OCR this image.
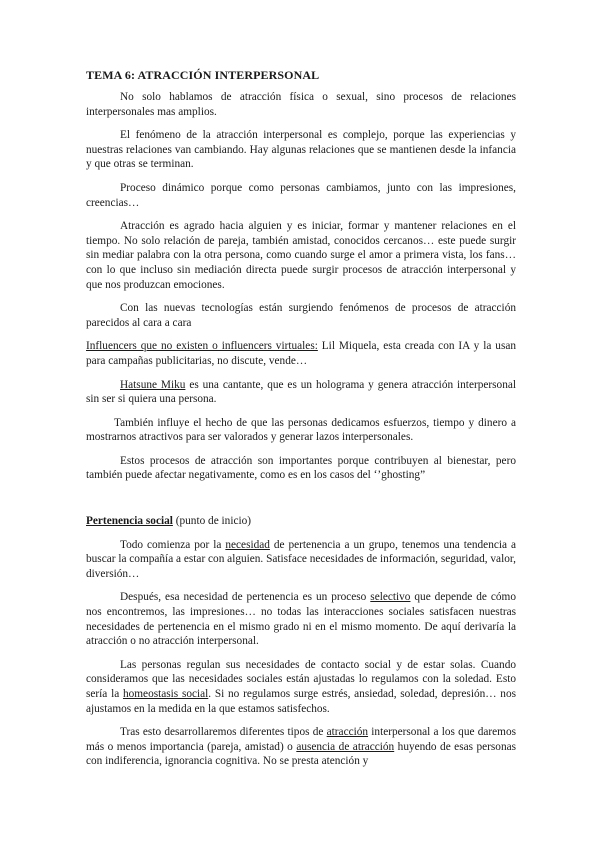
TEMA 6: ATRACCIÓN INTERPERSONAL

No solo hablamos de atracción física o sexual, sino procesos de relaciones interpersonales mas amplios.

El fenómeno de la atracción interpersonal es complejo, porque las experiencias y nuestras relaciones van cambiando. Hay algunas relaciones que se mantienen desde la infancia y que otras se terminan.

Proceso dinámico porque como personas cambiamos, junto con las impresiones, creencias…

Atracción es agrado hacia alguien y es iniciar, formar y mantener relaciones en el tiempo. No solo relación de pareja, también amistad, conocidos cercanos… este puede surgir sin mediar palabra con la otra persona, como cuando surge el amor a primera vista, los fans… con lo que incluso sin mediación directa puede surgir procesos de atracción interpersonal y que nos produzcan emociones.

Con las nuevas tecnologías están surgiendo fenómenos de procesos de atracción parecidos al cara a cara

Influencers que no existen o influencers virtuales: Lil Miquela, esta creada con IA y la usan para campañas publicitarias, no discute, vende…

Hatsune Miku es una cantante, que es un holograma y genera atracción interpersonal sin ser si quiera una persona.

También influye el hecho de que las personas dedicamos esfuerzos, tiempo y dinero a mostrarnos atractivos para ser valorados y generar lazos interpersonales.

Estos procesos de atracción son importantes porque contribuyen al bienestar, pero también puede afectar negativamente, como es en los casos del ‘’ghosting”

Pertenencia social (punto de inicio)

Todo comienza por la necesidad de pertenencia a un grupo, tenemos una tendencia a buscar la compañía a estar con alguien. Satisface necesidades de información, seguridad, valor, diversión…

Después, esa necesidad de pertenencia es un proceso selectivo que depende de cómo nos encontremos, las impresiones… no todas las interacciones sociales satisfacen nuestras necesidades de pertenencia en el mismo grado ni en el mismo momento. De aquí derivaría la atracción o no atracción interpersonal.

Las personas regulan sus necesidades de contacto social y de estar solas. Cuando consideramos que las necesidades sociales están ajustadas lo regulamos con la soledad. Esto sería la homeostasis social. Si no regulamos surge estrés, ansiedad, soledad, depresión… nos ajustamos en la medida en la que estamos satisfechos.

Tras esto desarrollaremos diferentes tipos de atracción interpersonal a los que daremos más o menos importancia (pareja, amistad) o ausencia de atracción huyendo de esas personas con indiferencia, ignorancia cognitiva. No se presta atención y
